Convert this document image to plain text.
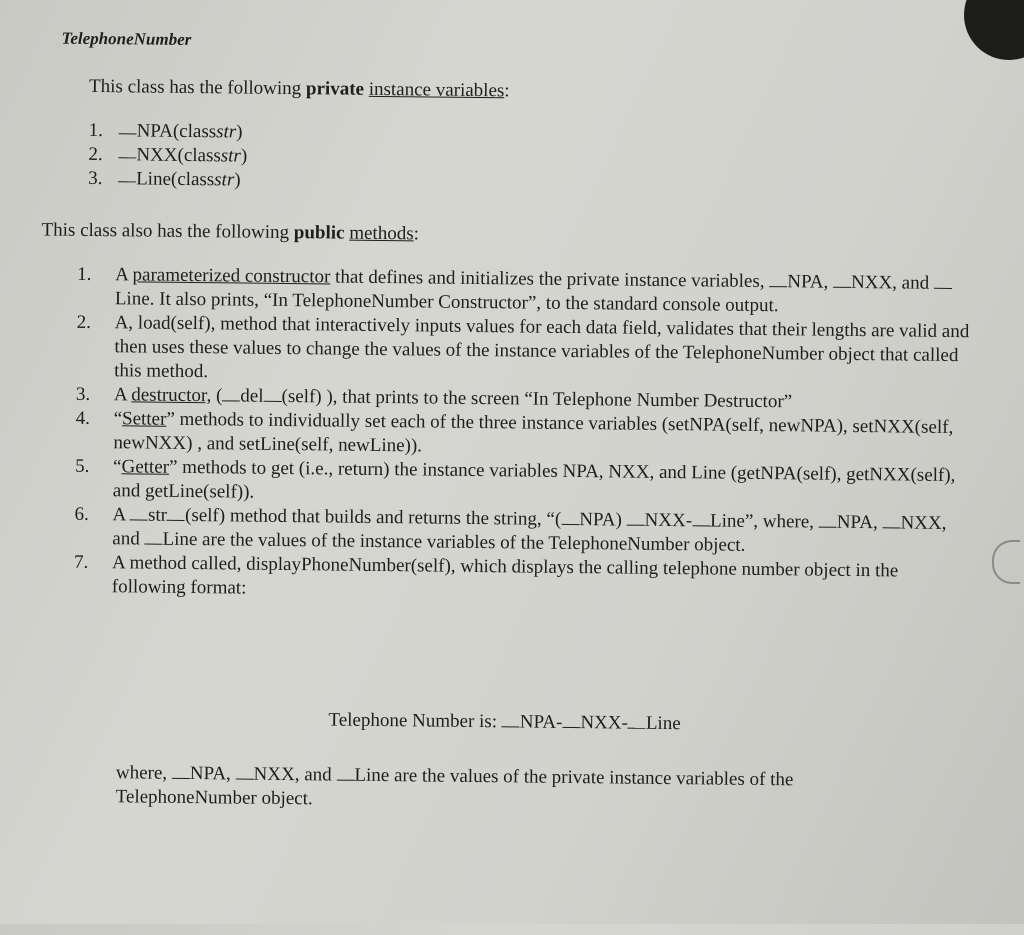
TelephoneNumber
This class has the following private instance variables:
1.	NPA (class str )
2.	NXX (class str )
3.	Line (class str )
This class also has the following public methods:
1.	A parameterized constructor that defines and initializes the private instance variables, NPA, NXX, and Line. It also prints, “In TelephoneNumber Constructor”, to the standard console output.
2.	A, load(self), method that interactively inputs values for each data field, validates that their lengths are valid and then uses these values to change the values of the instance variables of the TelephoneNumber object that called this method.
3.	A destructor, ( del (self) ), that prints to the screen “In Telephone Number Destructor”
4.	“Setter” methods to individually set each of the three instance variables (setNPA(self, newNPA), setNXX(self, newNXX) , and setLine(self, newLine)).
5.	“Getter” methods to get (i.e., return) the instance variables NPA, NXX, and Line (getNPA(self), getNXX(self), and getLine(self)).
6.	A str (self) method that builds and returns the string, “( NPA) NXX- Line”, where, NPA, NXX, and Line are the values of the instance variables of the TelephoneNumber object.
7.	A method called, displayPhoneNumber(self), which displays the calling telephone number object in the following format:
Telephone Number is: NPA- NXX- Line
where, NPA, NXX, and Line are the values of the private instance variables of the TelephoneNumber object.
